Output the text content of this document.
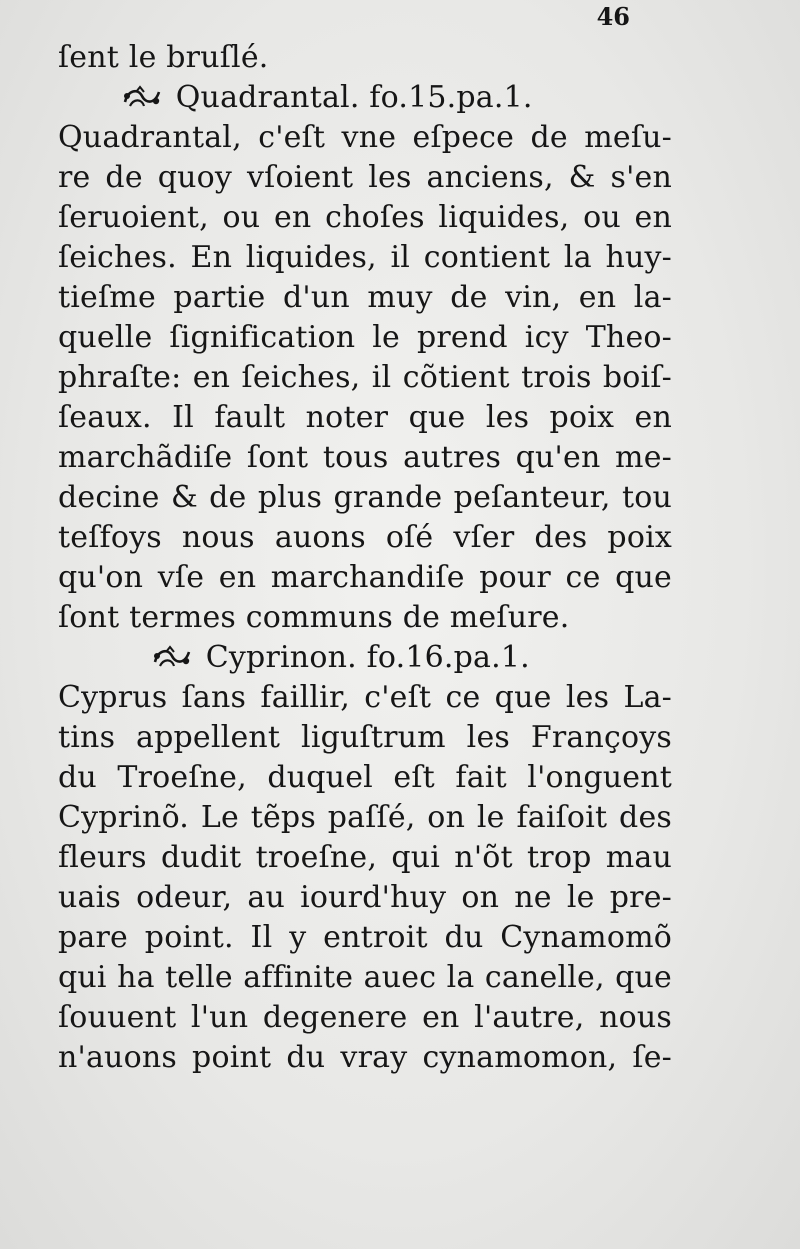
46
ſent le bruſlé.
Quadrantal. fo.15.pa.1.
Quadrantal, c'eſt vne eſpece de meſu-
re de quoy vſoient les anciens, & s'en
ſeruoient, ou en choſes liquides, ou en
ſeiches. En liquides, il contient la huy-
tieſme partie d'un muy de vin, en la-
quelle ſignification le prend icy Theo-
phraſte: en ſeiches, il cõtient trois boiſ-
ſeaux. Il fault noter que les poix en
marchãdiſe ſont tous autres qu'en me-
decine & de plus grande peſanteur, tou
teſfoys nous auons oſé vſer des poix
qu'on vſe en marchandiſe pour ce que
ſont termes communs de meſure.
Cyprinon. fo.16.pa.1.
Cyprus ſans faillir, c'eſt ce que les La-
tins appellent liguſtrum les Françoys
du Troeſne, duquel eſt fait l'onguent
Cyprinõ. Le tẽps paſſé, on le faiſoit des
fleurs dudit troeſne, qui n'õt trop mau
uais odeur, au iourd'huy on ne le pre-
pare point. Il y entroit du Cynamomõ
qui ha telle affinite auec la canelle, que
ſouuent l'un degenere en l'autre, nous
n'auons point du vray cynamomon, ſe-
